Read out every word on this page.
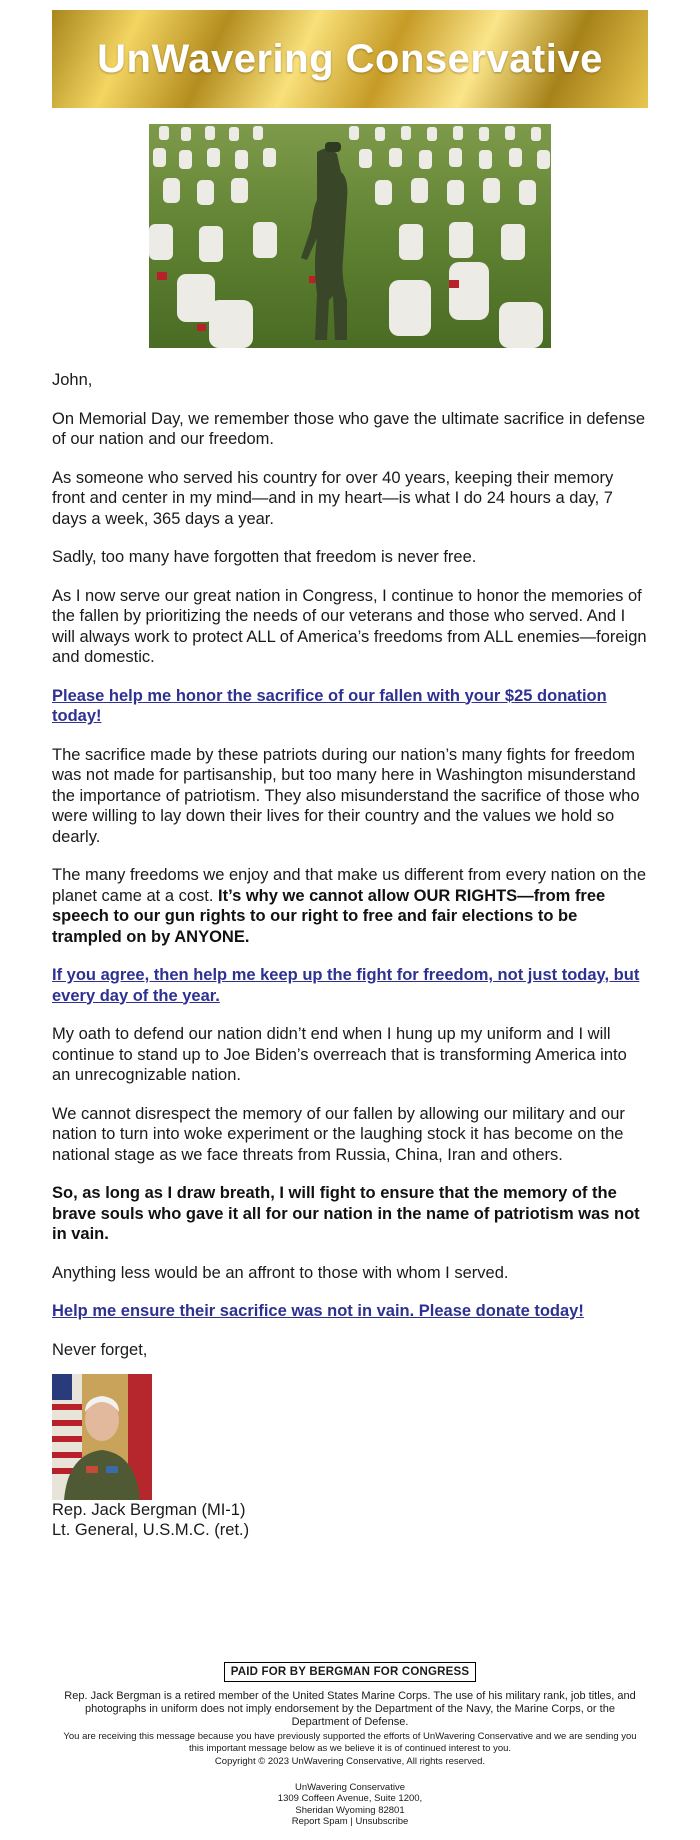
UnWavering Conservative

John,

On Memorial Day, we remember those who gave the ultimate sacrifice in defense of our nation and our freedom.

As someone who served his country for over 40 years, keeping their memory front and center in my mind—and in my heart—is what I do 24 hours a day, 7 days a week, 365 days a year.

Sadly, too many have forgotten that freedom is never free.

As I now serve our great nation in Congress, I continue to honor the memories of the fallen by prioritizing the needs of our veterans and those who served. And I will always work to protect ALL of America’s freedoms from ALL enemies—foreign and domestic.

Please help me honor the sacrifice of our fallen with your $25 donation today!

The sacrifice made by these patriots during our nation’s many fights for freedom was not made for partisanship, but too many here in Washington misunderstand the importance of patriotism. They also misunderstand the sacrifice of those who were willing to lay down their lives for their country and the values we hold so dearly.

The many freedoms we enjoy and that make us different from every nation on the planet came at a cost. It’s why we cannot allow OUR RIGHTS—from free speech to our gun rights to our right to free and fair elections to be trampled on by ANYONE.

If you agree, then help me keep up the fight for freedom, not just today, but every day of the year.

My oath to defend our nation didn’t end when I hung up my uniform and I will continue to stand up to Joe Biden’s overreach that is transforming America into an unrecognizable nation.

We cannot disrespect the memory of our fallen by allowing our military and our nation to turn into woke experiment or the laughing stock it has become on the national stage as we face threats from Russia, China, Iran and others.

So, as long as I draw breath, I will fight to ensure that the memory of the brave souls who gave it all for our nation in the name of patriotism was not in vain.

Anything less would be an affront to those with whom I served.

Help me ensure their sacrifice was not in vain. Please donate today!

Never forget,

Rep. Jack Bergman (MI-1)
Lt. General, U.S.M.C. (ret.)
PAID FOR BY BERGMAN FOR CONGRESS
Rep. Jack Bergman is a retired member of the United States Marine Corps. The use of his military rank, job titles, and photographs in uniform does not imply endorsement by the Department of the Navy, the Marine Corps, or the Department of Defense.
You are receiving this message because you have previously supported the efforts of UnWavering Conservative and we are sending you this important message below as we believe it is of continued interest to you.
Copyright © 2023 UnWavering Conservative, All rights reserved.
UnWavering Conservative
1309 Coffeen Avenue, Suite 1200,
Sheridan Wyoming 82801
Report Spam | Unsubscribe
